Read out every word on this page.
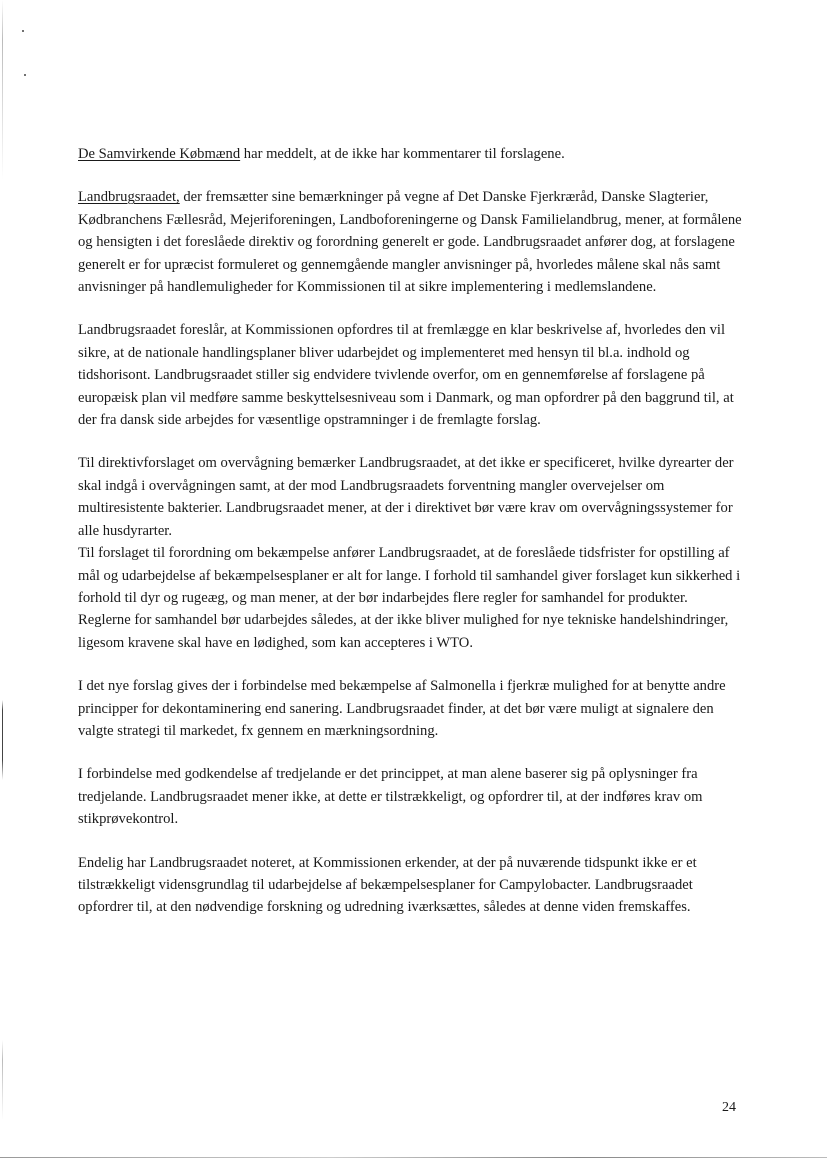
De Samvirkende Købmænd har meddelt, at de ikke har kommentarer til forslagene.

Landbrugsraadet, der fremsætter sine bemærkninger på vegne af Det Danske Fjerkræråd, Danske Slagterier, Kødbranchens Fællesråd, Mejeriforeningen, Landboforeningerne og Dansk Familielandbrug, mener, at formålene og hensigten i det foreslåede direktiv og forordning generelt er gode. Landbrugsraadet anfører dog, at forslagene generelt er for upræcist formuleret og gennemgående mangler anvisninger på, hvorledes målene skal nås samt anvisninger på handlemuligheder for Kommissionen til at sikre implementering i medlemslandene.

Landbrugsraadet foreslår, at Kommissionen opfordres til at fremlægge en klar beskrivelse af, hvorledes den vil sikre, at de nationale handlingsplaner bliver udarbejdet og implementeret med hensyn til bl.a. indhold og tidshorisont. Landbrugsraadet stiller sig endvidere tvivlende overfor, om en gennemførelse af forslagene på europæisk plan vil medføre samme beskyttelsesniveau som i Danmark, og man opfordrer på den baggrund til, at der fra dansk side arbejdes for væsentlige opstramninger i de fremlagte forslag.

Til direktivforslaget om overvågning bemærker Landbrugsraadet, at det ikke er specificeret, hvilke dyrearter der skal indgå i overvågningen samt, at der mod Landbrugsraadets forventning mangler overvejelser om multiresistente bakterier. Landbrugsraadet mener, at der i direktivet bør være krav om overvågningssystemer for alle husdyrarter.

Til forslaget til forordning om bekæmpelse anfører Landbrugsraadet, at de foreslåede tidsfrister for opstilling af mål og udarbejdelse af bekæmpelsesplaner er alt for lange. I forhold til samhandel giver forslaget kun sikkerhed i forhold til dyr og rugeæg, og man mener, at der bør indarbejdes flere regler for samhandel for produkter. Reglerne for samhandel bør udarbejdes således, at der ikke bliver mulighed for nye tekniske handelshindringer, ligesom kravene skal have en lødighed, som kan accepteres i WTO.

I det nye forslag gives der i forbindelse med bekæmpelse af Salmonella i fjerkræ mulighed for at benytte andre principper for dekontaminering end sanering. Landbrugsraadet finder, at det bør være muligt at signalere den valgte strategi til markedet, fx gennem en mærkningsordning.

I forbindelse med godkendelse af tredjelande er det princippet, at man alene baserer sig på oplysninger fra tredjelande. Landbrugsraadet mener ikke, at dette er tilstrækkeligt, og opfordrer til, at der indføres krav om stikprøvekontrol.

Endelig har Landbrugsraadet noteret, at Kommissionen erkender, at der på nuværende tidspunkt ikke er et tilstrækkeligt vidensgrundlag til udarbejdelse af bekæmpelsesplaner for Campylobacter. Landbrugsraadet opfordrer til, at den nødvendige forskning og udredning iværksættes, således at denne viden fremskaffes.

24
